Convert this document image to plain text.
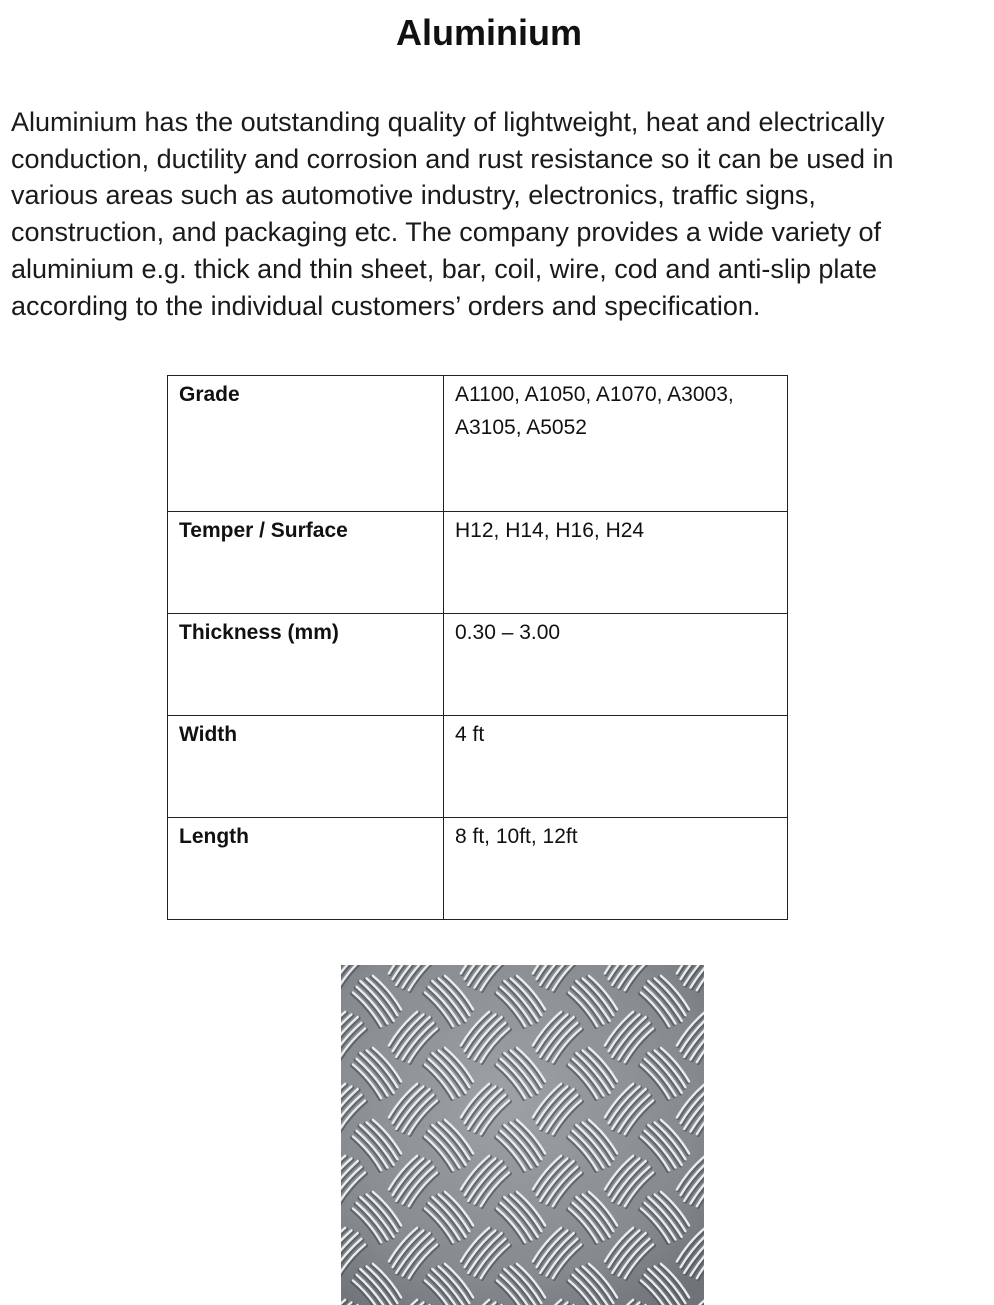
Aluminium

Aluminium has the outstanding quality of lightweight, heat and electrically conduction, ductility and corrosion and rust resistance so it can be used in various areas such as automotive industry, electronics, traffic signs, construction, and packaging etc. The company provides a wide variety of aluminium e.g. thick and thin sheet, bar, coil, wire, cod and anti-slip plate according to the individual customers’ orders and specification.

Grade	A1100, A1050, A1070, A3003, A3105, A5052
Temper / Surface	H12, H14, H16, H24
Thickness (mm)	0.30 – 3.00
Width	4 ft
Length	8 ft, 10ft, 12ft
